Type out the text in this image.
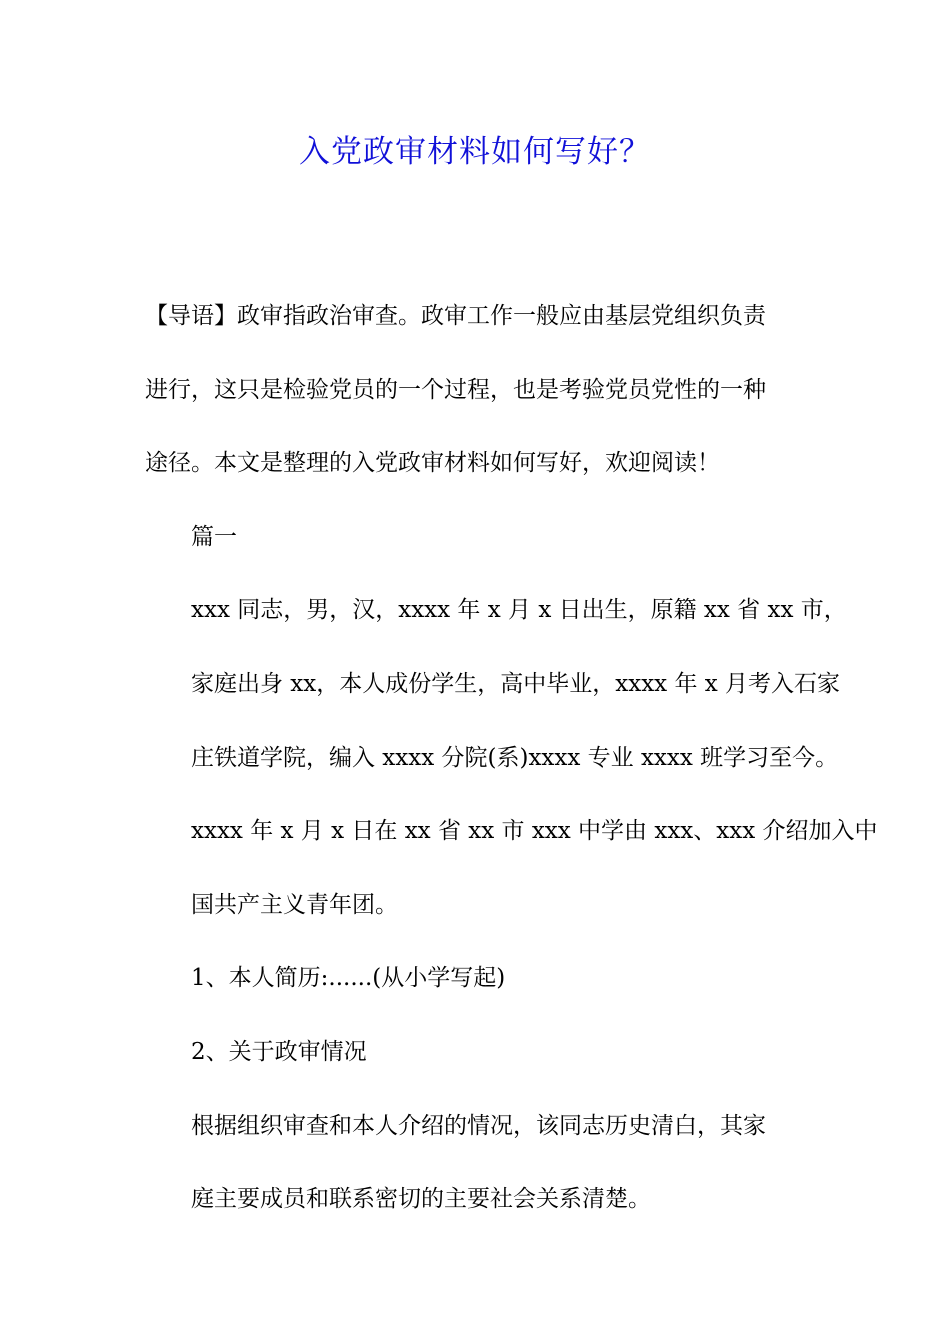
入党政审材料如何写好？

【导语】政审指政治审查。政审工作一般应由基层党组织负责
进行，这只是检验党员的一个过程，也是考验党员党性的一种
途径。本文是整理的入党政审材料如何写好，欢迎阅读！

篇一

xxx 同志，男，汉，xxxx 年 x 月 x 日出生，原籍 xx 省 xx 市，
家庭出身 xx，本人成份学生，高中毕业，xxxx 年 x 月考入石家
庄铁道学院，编入 xxxx 分院(系)xxxx 专业 xxxx 班学习至今。
xxxx 年 x 月 x 日在 xx 省 xx 市 xxx 中学由 xxx、xxx 介绍加入中
国共产主义青年团。

1、本人简历:......(从小学写起)

2、关于政审情况

根据组织审查和本人介绍的情况，该同志历史清白，其家
庭主要成员和联系密切的主要社会关系清楚。
